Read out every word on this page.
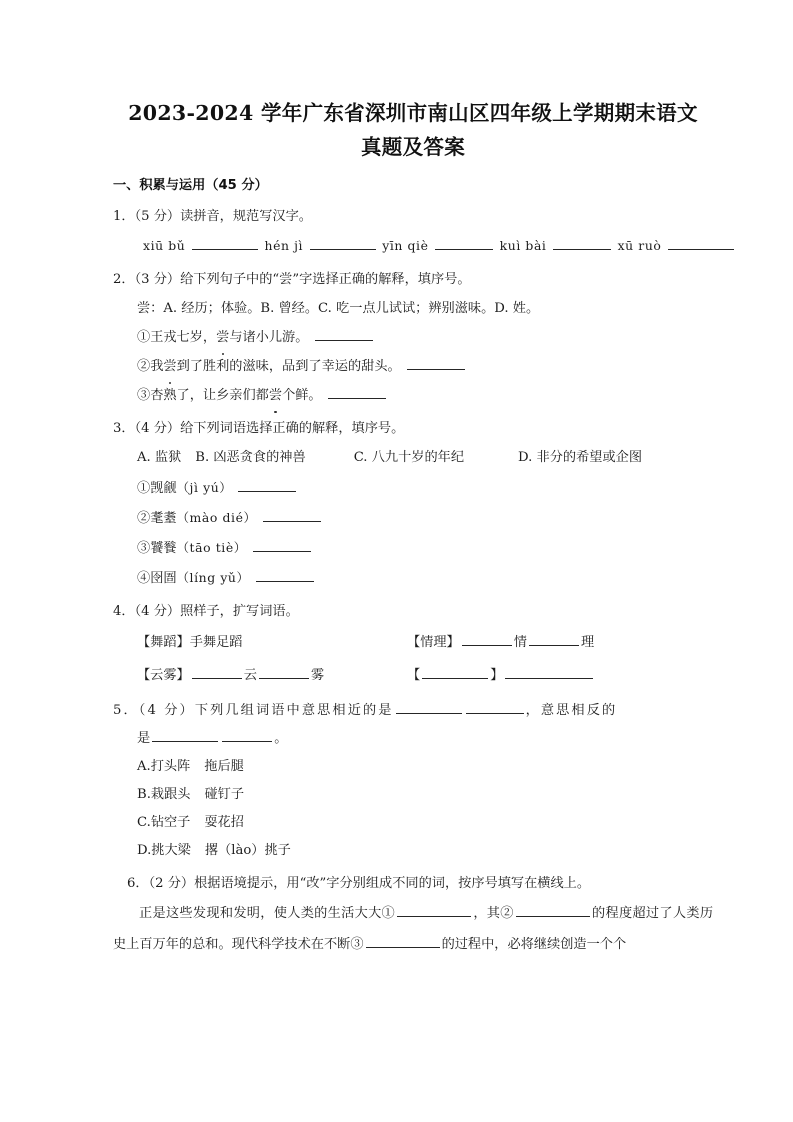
2023-2024 学年广东省深圳市南山区四年级上学期期末语文
真题及答案
一、积累与运用（45 分）
1．（5 分）读拼音，规范写汉字。
xiū bǔ	hén jì	yīn qiè	kuì bài	xū ruò
2．（3 分）给下列句子中的“尝”字选择正确的解释，填序号。
尝：A. 经历；体验。B. 曾经。C. 吃一点儿试试；辨别滋味。D. 姓。
①王戎七岁，尝与诸小儿游。
②我尝到了胜利的滋味，品到了幸运的甜头。
③杏熟了，让乡亲们都尝个鲜。
3．（4 分）给下列词语选择正确的解释，填序号。
A. 监狱 B. 凶恶贪食的神兽	C. 八九十岁的年纪	D. 非分的希望或企图
①觊觎（jì yú）
②耄耋（mào dié）
③饕餮（tāo tiè）
④囹圄（líng yǔ）
4．（4 分）照样子，扩写词语。
【舞蹈】手舞足蹈	【情理】	情	理
【云雾】	云	雾	【	】
5．（4 分）下列几组词语中意思相近的是	，意思相反的
是	。
A.打头阵 拖后腿
B.栽跟头 碰钉子
C.钻空子 耍花招
D.挑大梁 撂（lào）挑子
6．（2 分）根据语境提示，用“改”字分别组成不同的词，按序号填写在横线上。
正是这些发现和发明，使人类的生活大大①	，其②	的程度超过了人类历史上百万年的总和。现代科学技术在不断③	的过程中，必将继续创造一个个
